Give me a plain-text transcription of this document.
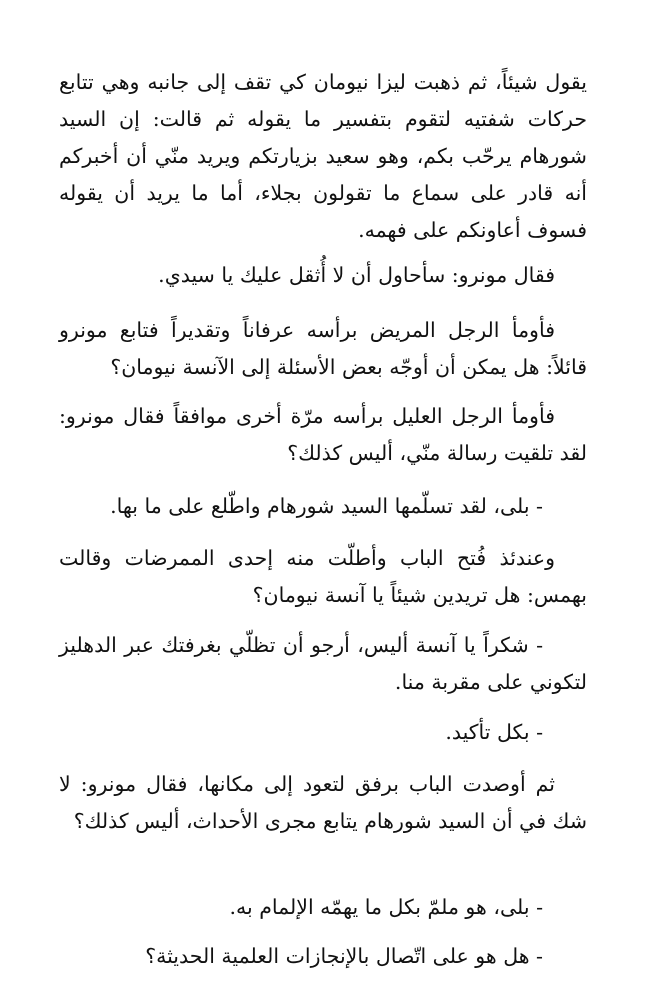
يقول شيئاً، ثم ذهبت ليزا نيومان كي تقف إلى جانبه وهي تتابع حركات شفتيه لتقوم بتفسير ما يقوله ثم قالت: إن السيد شورهام يرحّب بكم، وهو سعيد بزيارتكم ويريد منّي أن أخبركم أنه قادر على سماع ما تقولون بجلاء، أما ما يريد أن يقوله فسوف أعاونكم على فهمه.

فقال مونرو: سأحاول أن لا أُثقل عليك يا سيدي.

فأومأ الرجل المريض برأسه عرفاناً وتقديراً فتابع مونرو قائلاً: هل يمكن أن أوجّه بعض الأسئلة إلى الآنسة نيومان؟

فأومأ الرجل العليل برأسه مرّة أخرى موافقاً فقال مونرو: لقد تلقيت رسالة منّي، أليس كذلك؟

- بلى، لقد تسلّمها السيد شورهام واطّلع على ما بها.

وعندئذ فُتح الباب وأطلّت منه إحدى الممرضات وقالت بهمس: هل تريدين شيئاً يا آنسة نيومان؟

- شكراً يا آنسة أليس، أرجو أن تظلّي بغرفتك عبر الدهليز لتكوني على مقربة منا.

- بكل تأكيد.

ثم أوصدت الباب برفق لتعود إلى مكانها، فقال مونرو: لا شك في أن السيد شورهام يتابع مجرى الأحداث، أليس كذلك؟

- بلى، هو ملمّ بكل ما يهمّه الإلمام به.

- هل هو على اتّصال بالإنجازات العلمية الحديثة؟
